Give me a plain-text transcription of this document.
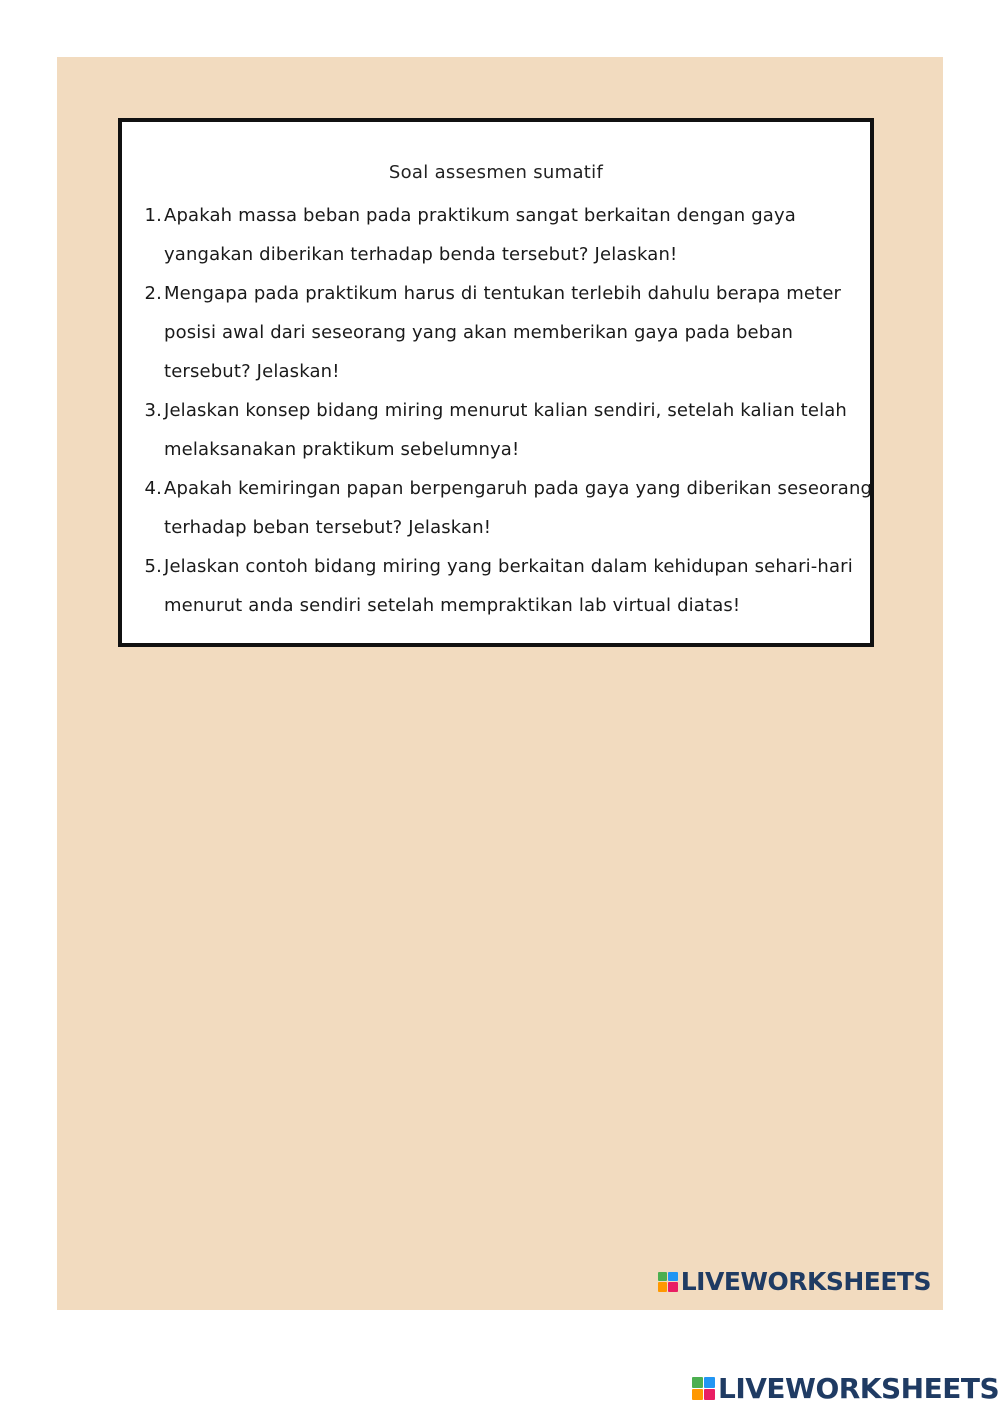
Soal assesmen sumatif
1. Apakah massa beban pada praktikum sangat berkaitan dengan gaya yangakan diberikan terhadap benda tersebut? Jelaskan!
2. Mengapa pada praktikum harus di tentukan terlebih dahulu berapa meter posisi awal dari seseorang yang akan memberikan gaya pada beban tersebut? Jelaskan!
3. Jelaskan konsep bidang miring menurut kalian sendiri, setelah kalian telah melaksanakan praktikum sebelumnya!
4. Apakah kemiringan papan berpengaruh pada gaya yang diberikan seseorang terhadap beban tersebut? Jelaskan!
5. Jelaskan contoh bidang miring yang berkaitan dalam kehidupan sehari-hari menurut anda sendiri setelah mempraktikan lab virtual diatas!
LIVEWORKSHEETS
LIVEWORKSHEETS
